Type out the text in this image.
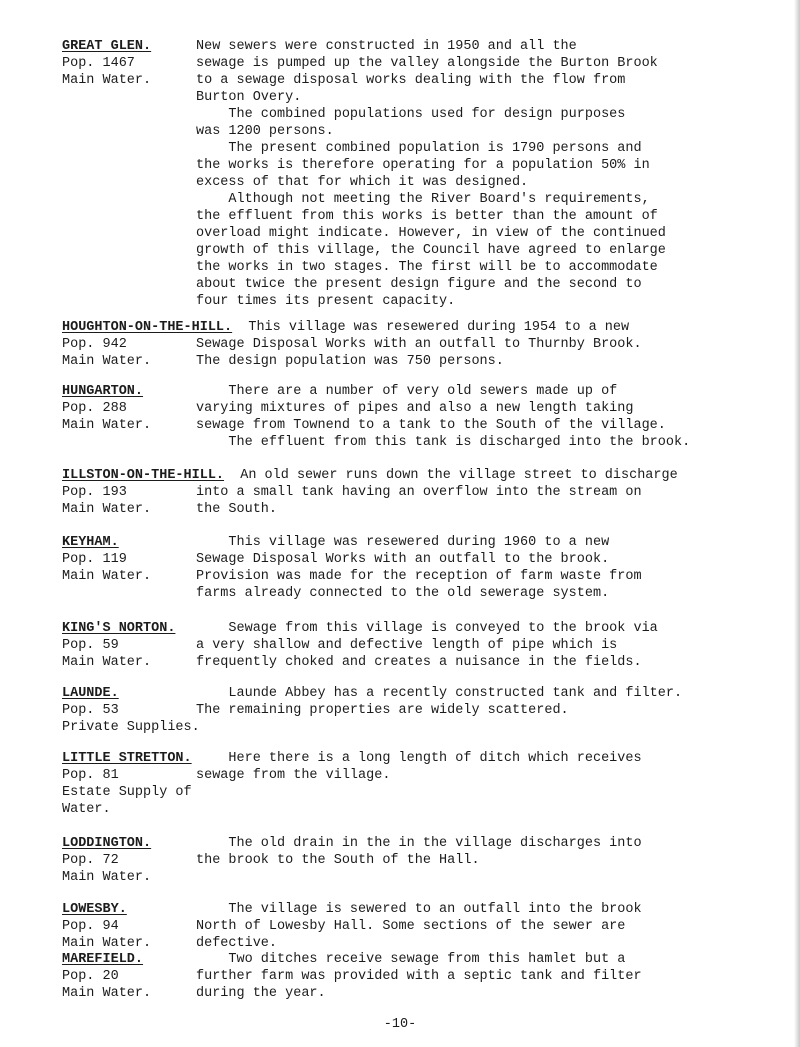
GREAT GLEN.
Pop. 1467
Main Water.

New sewers were constructed in 1950 and all the

sewage is pumped up the valley alongside the Burton Brook

to a sewage disposal works dealing with the flow from

Burton Overy.

The combined populations used for design purposes

was 1200 persons.

The present combined population is 1790 persons and

the works is therefore operating for a population 50% in

excess of that for which it was designed.

Although not meeting the River Board's requirements,

the effluent from this works is better than the amount of

overload might indicate. However, in view of the continued

growth of this village, the Council have agreed to enlarge

the works in two stages. The first will be to accommodate

about twice the present design figure and the second to

four times its present capacity.

HOUGHTON-ON-THE-HILL. This village was resewered during 1954 to a new
Pop. 942
Main Water.

Sewage Disposal Works with an outfall to Thurnby Brook.

The design population was 750 persons.

HUNGARTON.
Pop. 288
Main Water.

There are a number of very old sewers made up of

varying mixtures of pipes and also a new length taking

sewage from Townend to a tank to the South of the village.

The effluent from this tank is discharged into the brook.

ILLSTON-ON-THE-HILL. An old sewer runs down the village street to discharge
Pop. 193
Main Water.

into a small tank having an overflow into the stream on

the South.

KEYHAM.
Pop. 119
Main Water.

This village was resewered during 1960 to a new

Sewage Disposal Works with an outfall to the brook.

Provision was made for the reception of farm waste from

farms already connected to the old sewerage system.

KING'S NORTON.
Pop. 59
Main Water.

Sewage from this village is conveyed to the brook via

a very shallow and defective length of pipe which is

frequently choked and creates a nuisance in the fields.

LAUNDE.
Pop. 53
Private Supplies.

Launde Abbey has a recently constructed tank and filter.

The remaining properties are widely scattered.

LITTLE STRETTON.
Pop. 81
Estate Supply of
Water.

Here there is a long length of ditch which receives

sewage from the village.

LODDINGTON.
Pop. 72
Main Water.

The old drain in the in the village discharges into

the brook to the South of the Hall.

LOWESBY.
Pop. 94
Main Water.

The village is sewered to an outfall into the brook

North of Lowesby Hall. Some sections of the sewer are

defective.

MAREFIELD.
Pop. 20
Main Water.

Two ditches receive sewage from this hamlet but a

further farm was provided with a septic tank and filter

during the year.

-10-
